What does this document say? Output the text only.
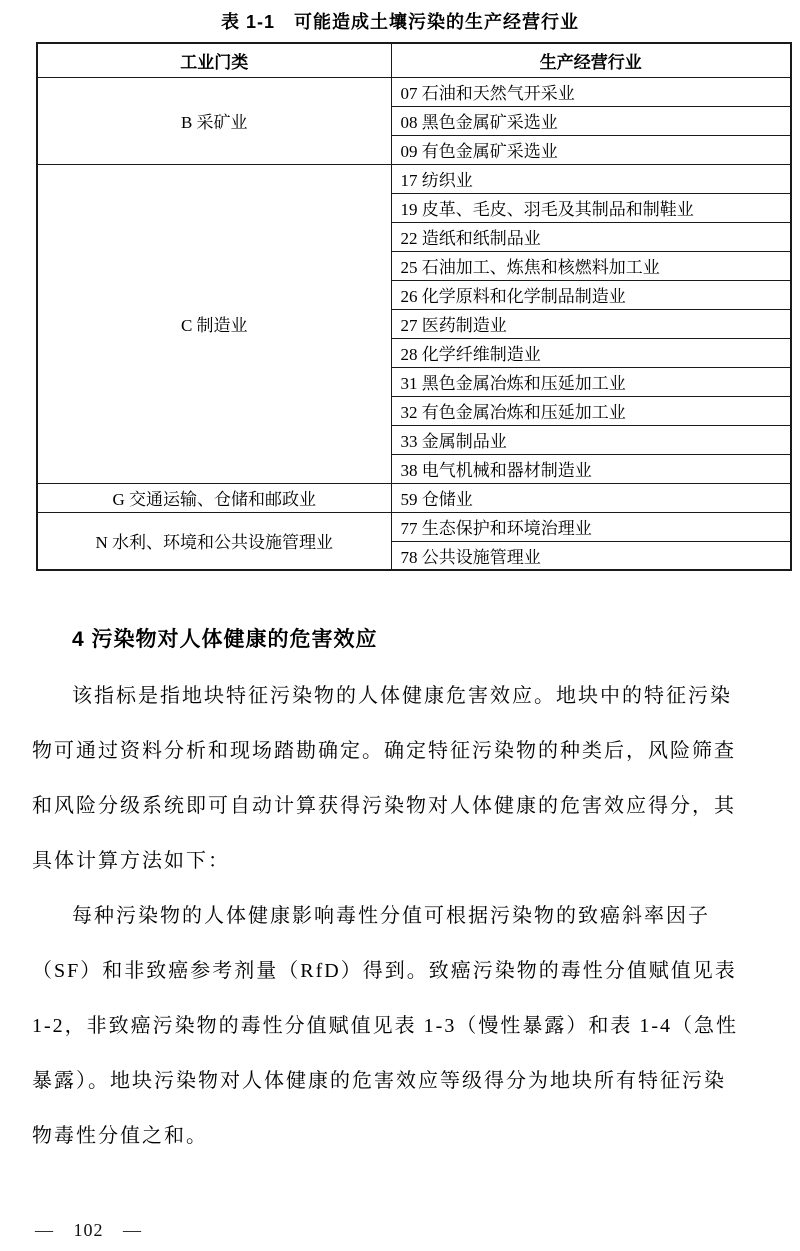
表 1-1　可能造成土壤污染的生产经营行业
工业门类	生产经营行业
B 采矿业	07 石油和天然气开采业
	08 黑色金属矿采选业
	09 有色金属矿采选业
C 制造业	17 纺织业
	19 皮革、毛皮、羽毛及其制品和制鞋业
	22 造纸和纸制品业
	25 石油加工、炼焦和核燃料加工业
	26 化学原料和化学制品制造业
	27 医药制造业
	28 化学纤维制造业
	31 黑色金属冶炼和压延加工业
	32 有色金属冶炼和压延加工业
	33 金属制品业
	38 电气机械和器材制造业
G 交通运输、仓储和邮政业	59 仓储业
N 水利、环境和公共设施管理业	77 生态保护和环境治理业
	78 公共设施管理业
4 污染物对人体健康的危害效应
该指标是指地块特征污染物的人体健康危害效应。地块中的特征污染
物可通过资料分析和现场踏勘确定。确定特征污染物的种类后，风险筛查
和风险分级系统即可自动计算获得污染物对人体健康的危害效应得分，其
具体计算方法如下：
每种污染物的人体健康影响毒性分值可根据污染物的致癌斜率因子
（SF）和非致癌参考剂量（RfD）得到。致癌污染物的毒性分值赋值见表
1-2，非致癌污染物的毒性分值赋值见表 1-3（慢性暴露）和表 1-4（急性
暴露）。地块污染物对人体健康的危害效应等级得分为地块所有特征污染
物毒性分值之和。
— 102 —
